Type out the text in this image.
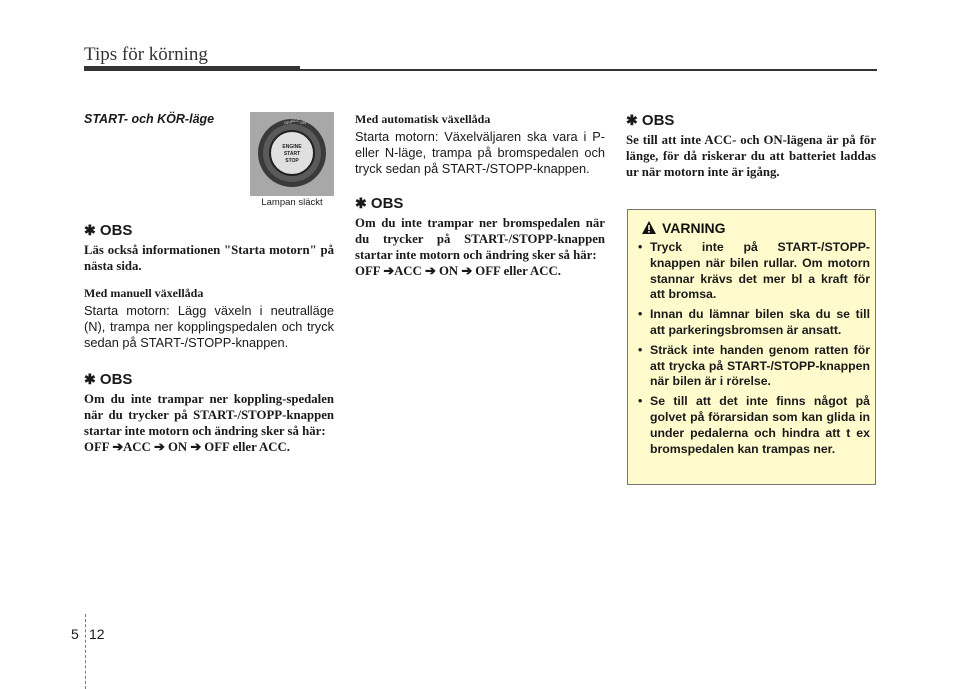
Tips för körning
START- och KÖR-läge
✱ OBS
Läs också informationen "Starta motorn" på nästa sida.
Med manuell växellåda

Starta motorn: Lägg växeln i neutralläge (N), trampa ner kopplingspedalen och tryck sedan på START-/STOPP-knappen.

✱ OBS
Om du inte trampar ner koppling-spedalen när du trycker på START-/STOPP-knappen startar inte motorn och ändring sker så här:
OFF ➔ACC ➔ ON ➔ OFF eller ACC.
OFF ACC ON
ENGINE
START
STOP
Lampan släckt
Med automatisk växellåda

Starta motorn: Växelväljaren ska vara i P- eller N-läge, trampa på bromspedalen och tryck sedan på START-/STOPP-knappen.

✱ OBS
Om du inte trampar ner bromspedalen när du trycker på START-/STOPP-knappen startar inte motorn och ändring sker så här:
OFF ➔ACC ➔ ON ➔ OFF eller ACC.
✱ OBS
Se till att inte ACC- och ON-lägena är på för länge, för då riskerar du att batteriet laddas ur när motorn inte är igång.
VARNING
• Tryck inte på START-/STOPP-knappen när bilen rullar. Om motorn stannar krävs det mer bl a kraft för att bromsa.
• Innan du lämnar bilen ska du se till att parkeringsbromsen är ansatt.
• Sträck inte handen genom ratten för att trycka på START-/STOPP-knappen när bilen är i rörelse.
• Se till att det inte finns något på golvet på förarsidan som kan glida in under pedalerna och hindra att t ex bromspedalen kan trampas ner.
5 12
